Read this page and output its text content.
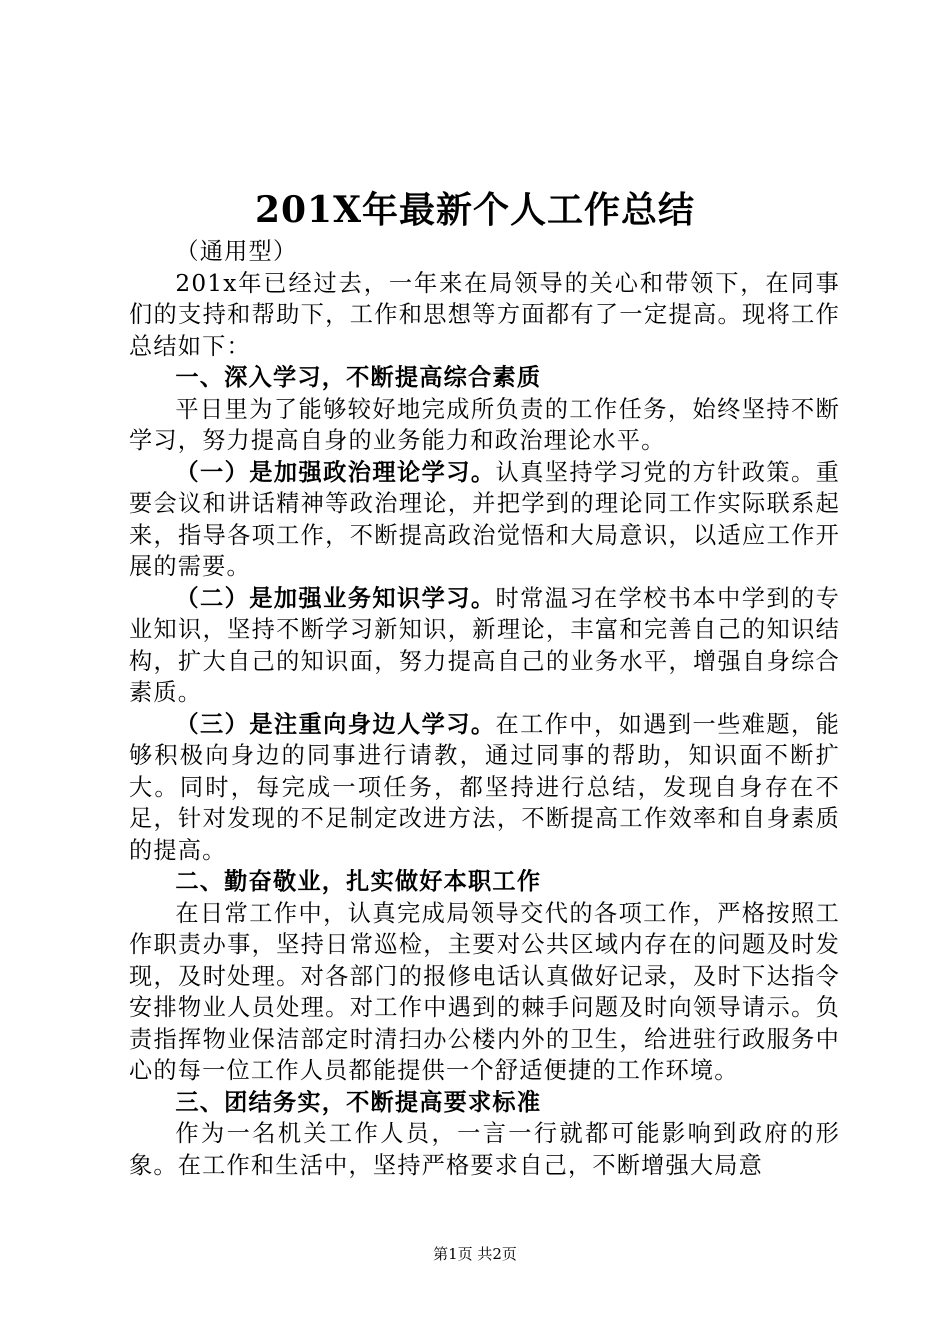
201X年最新个人工作总结

（通用型）

201x年已经过去，一年来在局领导的关心和带领下，在同事们的支持和帮助下，工作和思想等方面都有了一定提高。现将工作总结如下：

一、深入学习，不断提高综合素质

平日里为了能够较好地完成所负责的工作任务，始终坚持不断学习，努力提高自身的业务能力和政治理论水平。

（一）是加强政治理论学习。认真坚持学习党的方针政策。重要会议和讲话精神等政治理论，并把学到的理论同工作实际联系起来，指导各项工作，不断提高政治觉悟和大局意识，以适应工作开展的需要。

（二）是加强业务知识学习。时常温习在学校书本中学到的专业知识，坚持不断学习新知识，新理论，丰富和完善自己的知识结构，扩大自己的知识面，努力提高自己的业务水平，增强自身综合素质。

（三）是注重向身边人学习。在工作中，如遇到一些难题，能够积极向身边的同事进行请教，通过同事的帮助，知识面不断扩大。同时，每完成一项任务，都坚持进行总结，发现自身存在不足，针对发现的不足制定改进方法，不断提高工作效率和自身素质的提高。

二、勤奋敬业，扎实做好本职工作

在日常工作中，认真完成局领导交代的各项工作，严格按照工作职责办事，坚持日常巡检，主要对公共区域内存在的问题及时发现，及时处理。对各部门的报修电话认真做好记录，及时下达指令安排物业人员处理。对工作中遇到的棘手问题及时向领导请示。负责指挥物业保洁部定时清扫办公楼内外的卫生，给进驻行政服务中心的每一位工作人员都能提供一个舒适便捷的工作环境。

三、团结务实，不断提高要求标准

作为一名机关工作人员，一言一行就都可能影响到政府的形象。在工作和生活中，坚持严格要求自己，不断增强大局意

第1页 共2页
